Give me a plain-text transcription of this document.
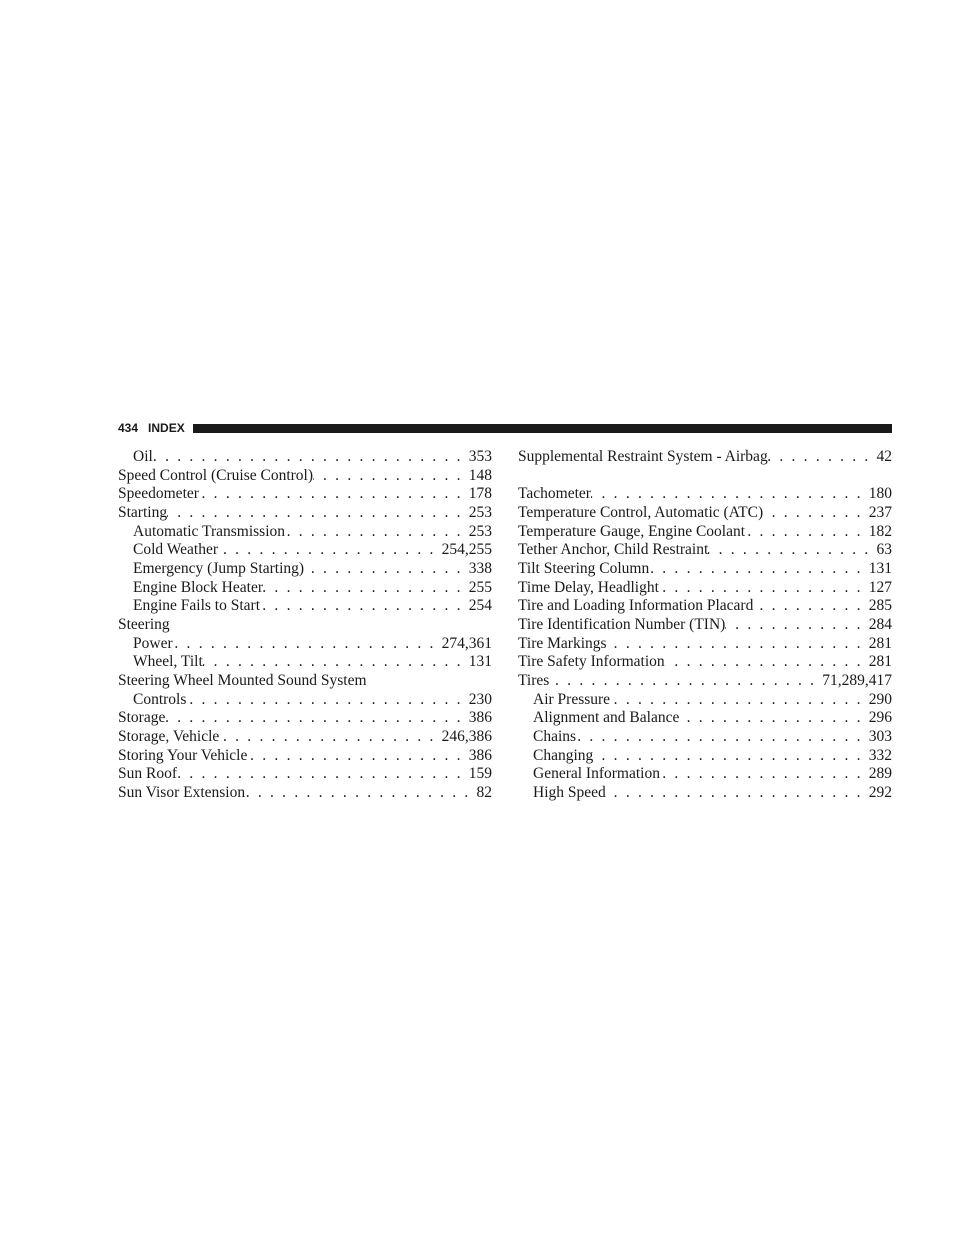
434 INDEX
Oil . . .	353
Speed Control (Cruise Control) . . .	148
Speedometer . . .	178
Starting . . .	253
Automatic Transmission . . .	253
Cold Weather . . .	254,255
Emergency (Jump Starting) . . .	338
Engine Block Heater . . .	255
Engine Fails to Start . . .	254
Steering
Power . . .	274,361
Wheel, Tilt . . .	131
Steering Wheel Mounted Sound System
Controls . . .	230
Storage . . .	386
Storage, Vehicle . . .	246,386
Storing Your Vehicle . . .	386
Sun Roof . . .	159
Sun Visor Extension . . .	82
Supplemental Restraint System - Airbag . . .	42
Tachometer . . .	180
Temperature Control, Automatic (ATC) . . .	237
Temperature Gauge, Engine Coolant . . .	182
Tether Anchor, Child Restraint . . .	63
Tilt Steering Column . . .	131
Time Delay, Headlight . . .	127
Tire and Loading Information Placard . . .	285
Tire Identification Number (TIN) . . .	284
Tire Markings . . .	281
Tire Safety Information . . .	281
Tires . . .	71,289,417
Air Pressure . . .	290
Alignment and Balance . . .	296
Chains . . .	303
Changing . . .	332
General Information . . .	289
High Speed . . .	292
